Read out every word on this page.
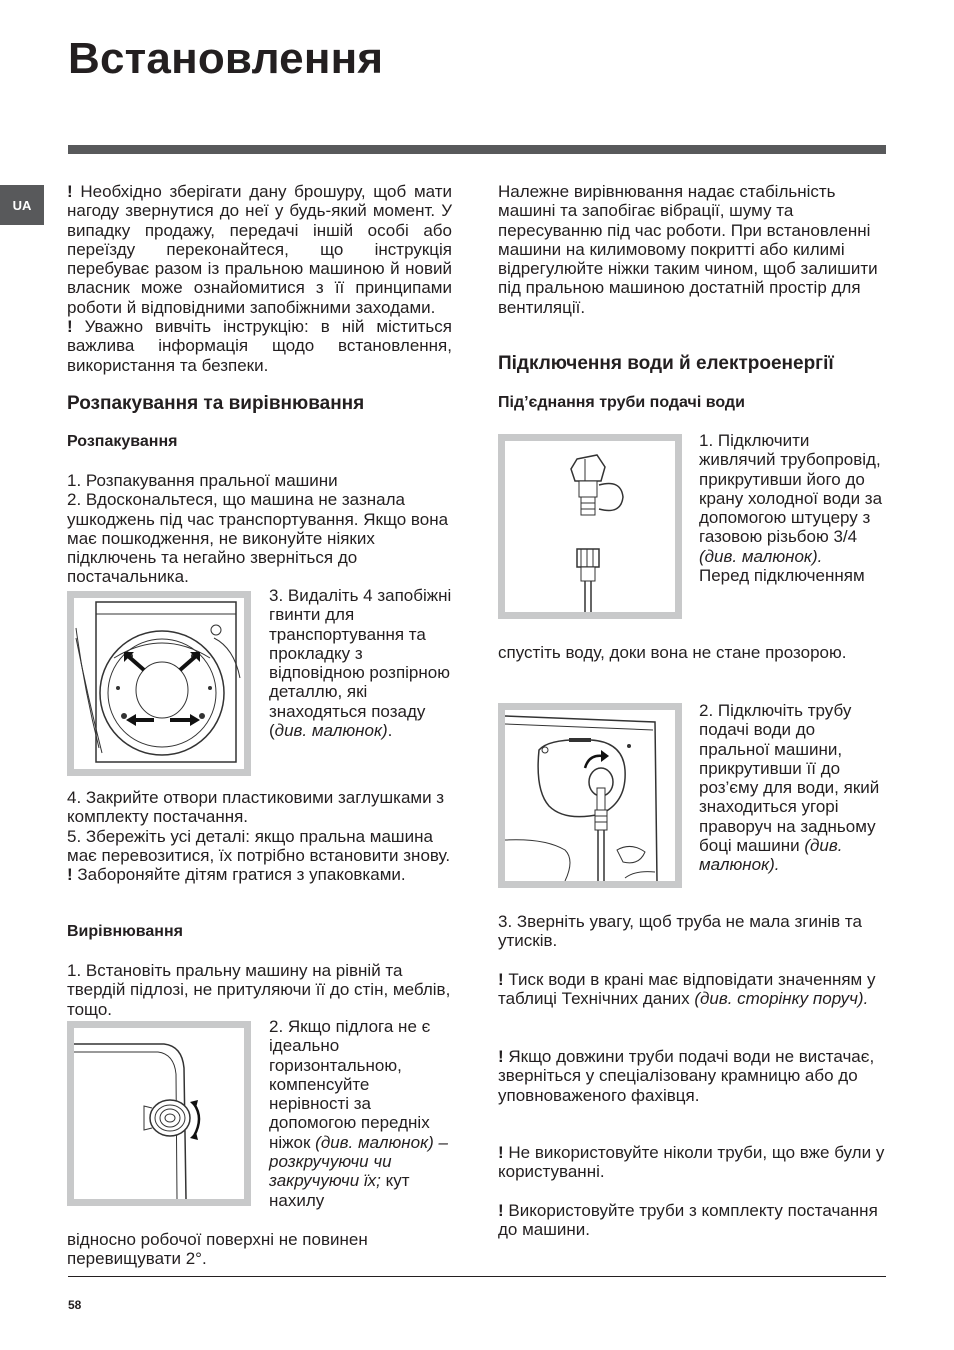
Встановлення
UA

! Необхідно зберігати дану брошуру, щоб мати нагоду звернутися до неї у будь-який момент. У випадку продажу, передачі іншій особі або переїзду переконайтеся, що інструкція перебуває разом із пральною машиною й новий власник може ознайомитися з її принципами роботи й відповідними запобіжними заходами.

! Уважно вивчіть інструкцію: в ній міститься важлива інформація щодо встановлення, використання та безпеки.

Розпакування та вирівнювання
Розпакування

1. Розпакування пральної машини

2. Вдоскональтеся, що машина не зазнала ушкоджень під час транспортування. Якщо вона має пошкодження, не виконуйте ніяких підключень та негайно зверніться до постачальника.

3. Видаліть 4 запобіжні гвинти для транспортування та прокладку з відповідною розпірною деталлю, які знаходяться позаду (див. малюнок).

4. Закрийте отвори пластиковими заглушками з комплекту постачання.

5. Збережіть усі деталі: якщо пральна машина має перевозитися, їх потрібно встановити знову.

! Забороняйте дітям гратися з упаковками.

Вирівнювання
1. Встановіть пральну машину на рівній та твердій підлозі, не притуляючи її до стін, меблів, тощо.

2. Якщо підлога не є ідеально горизонтальною, компенсуйте нерівності за допомогою передніх ніжок (див. малюнок) – розкручуючи чи закручуючи їх; кут нахилу

відносно робочої поверхні не повинен перевищувати 2°.
Належне вирівнювання надає стабільність машині та запобігає вібрації, шуму та пересуванню під час роботи. При встановленні машини на килимовому покритті або килимі відрегулюйте ніжки таким чином, щоб залишити під пральною машиною достатній простір для вентиляції.
Підключення води й електроенергії
Під’єднання труби подачі води

1. Підключити живлячий трубопровід, прикрутивши його до крану холодної води за допомогою штуцеру з газовою різьбою 3/4 (див. малюнок).

Перед підключенням

спустіть воду, доки вона не стане прозорою.

2. Підключіть трубу подачі води до пральної машини, прикрутивши її до роз’єму для води, який знаходиться угорі праворуч на задньому боці машини (див. малюнок).

3. Зверніть увагу, щоб труба не мала згинів та утисків.

! Тиск води в крані має відповідати значенням у таблиці Технічних даних (див. сторінку поруч).

! Якщо довжини труби подачі води не вистачає, зверніться у спеціалізовану крамницю або до уповноваженого фахівця.

! Не використовуйте ніколи труби, що вже були у користуванні.

! Використовуйте труби з комплекту постачання до машини.

58
